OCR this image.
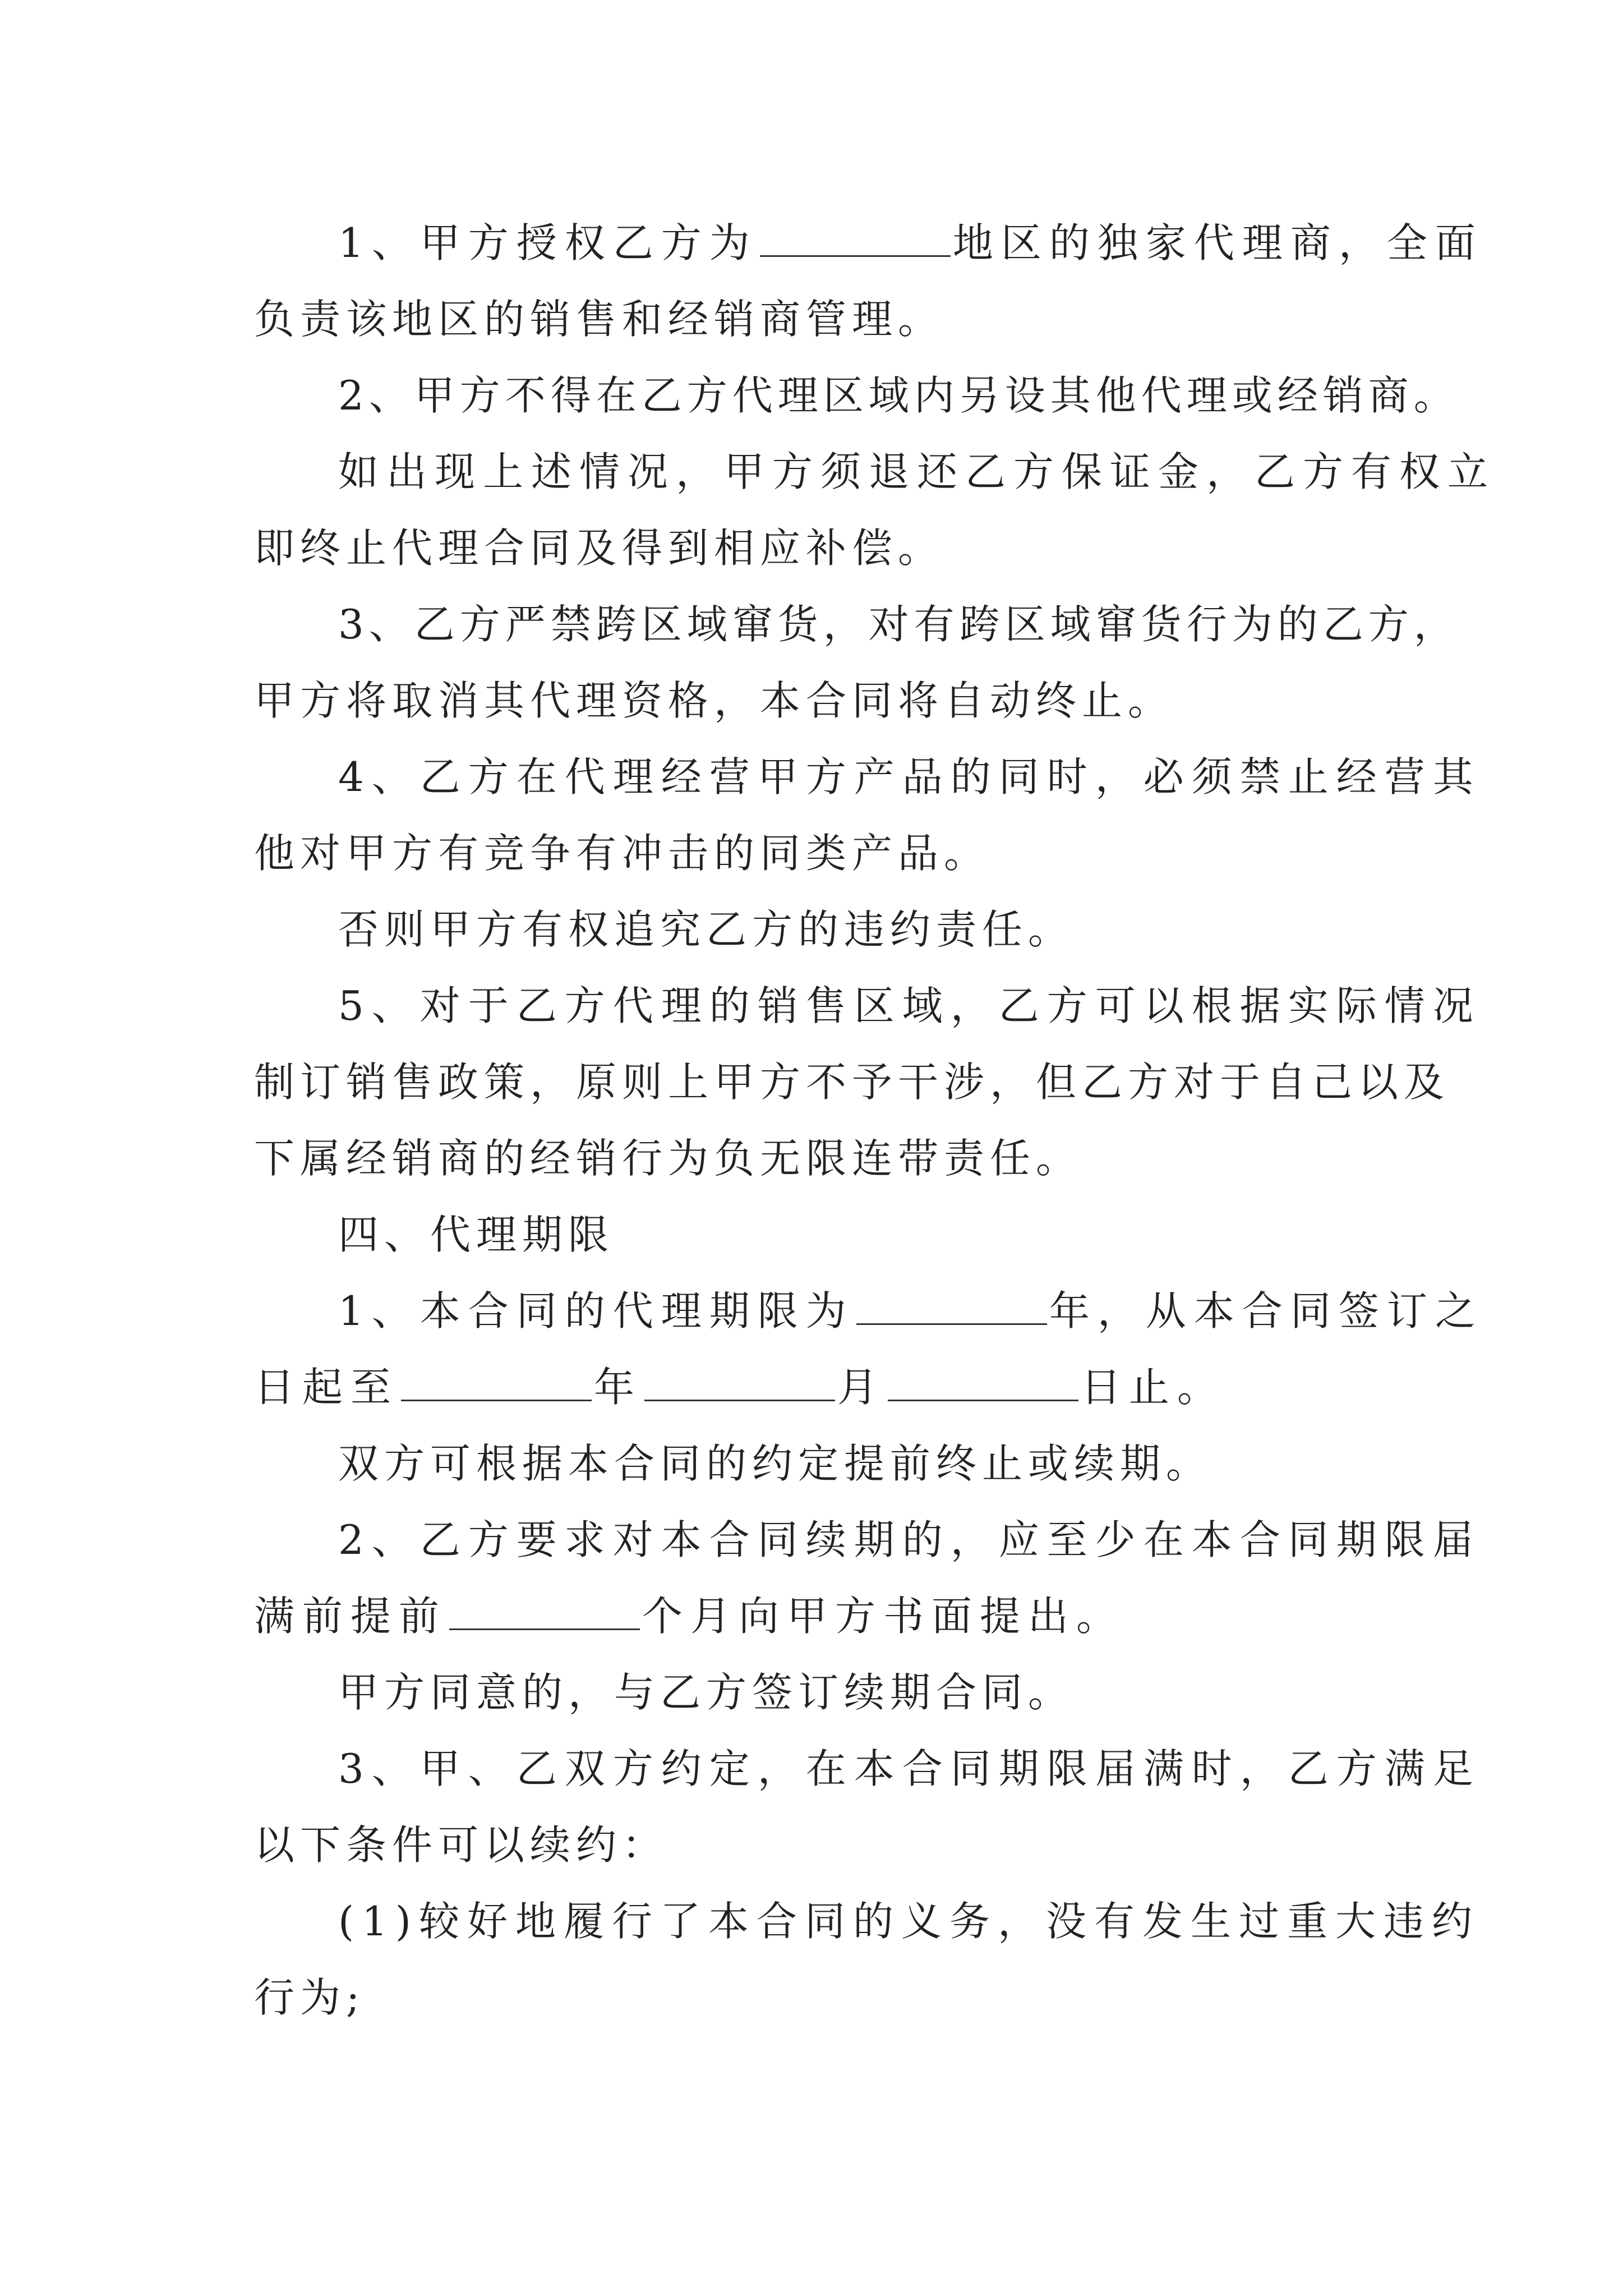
1、甲方授权乙方为	地区的独家代理商，全面

负责该地区的销售和经销商管理。

2、甲方不得在乙方代理区域内另设其他代理或经销商。

如出现上述情况，甲方须退还乙方保证金，乙方有权立

即终止代理合同及得到相应补偿。

3、乙方严禁跨区域窜货，对有跨区域窜货行为的乙方，

甲方将取消其代理资格，本合同将自动终止。

4、乙方在代理经营甲方产品的同时，必须禁止经营其

他对甲方有竞争有冲击的同类产品。

否则甲方有权追究乙方的违约责任。

5、对于乙方代理的销售区域，乙方可以根据实际情况

制订销售政策，原则上甲方不予干涉，但乙方对于自己以及

下属经销商的经销行为负无限连带责任。

四、代理期限

1、本合同的代理期限为	年，从本合同签订之

日起至	年	月	日止。

双方可根据本合同的约定提前终止或续期。

2、乙方要求对本合同续期的，应至少在本合同期限届

满前提前	个月向甲方书面提出。

甲方同意的，与乙方签订续期合同。

3、甲、乙双方约定，在本合同期限届满时，乙方满足

以下条件可以续约：

(1)较好地履行了本合同的义务，没有发生过重大违约

行为;
